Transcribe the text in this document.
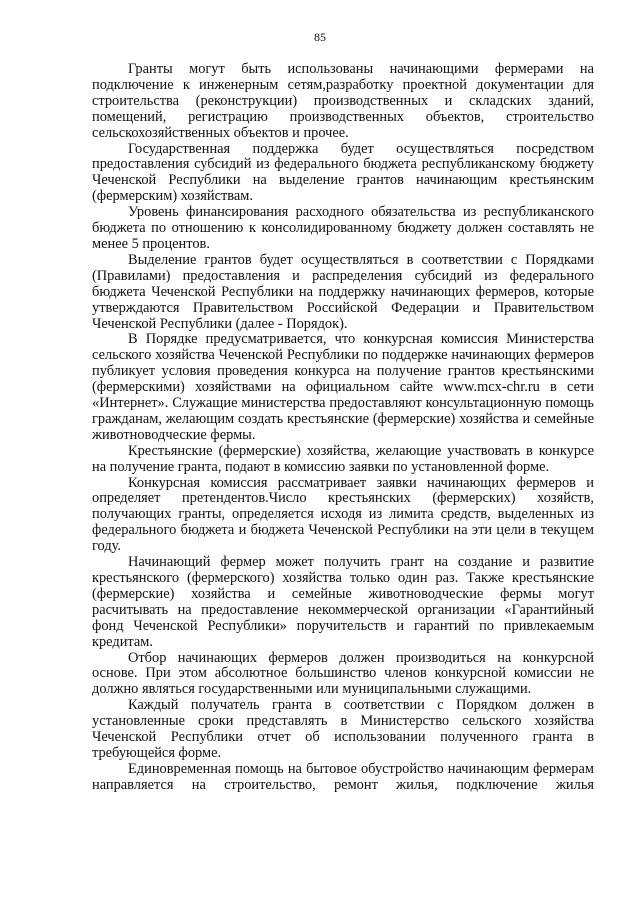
85

Гранты могут быть использованы начинающими фермерами на подключение к инженерным сетям,разработку проектной документации для строительства (реконструкции) производственных и складских зданий, помещений, регистрацию производственных объектов, строительство сельскохозяйственных объектов и прочее.

Государственная поддержка будет осуществляться посредством предоставления субсидий из федерального бюджета республиканскому бюджету Чеченской Республики на выделение грантов начинающим крестьянским (фермерским) хозяйствам.

Уровень финансирования расходного обязательства из республиканского бюджета по отношению к консолидированному бюджету должен составлять не менее 5 процентов.

Выделение грантов будет осуществляться в соответствии с Порядками (Правилами) предоставления и распределения субсидий из федерального бюджета Чеченской Республики на поддержку начинающих фермеров, которые утверждаются Правительством Российской Федерации и Правительством Чеченской Республики (далее - Порядок).

В Порядке предусматривается, что конкурсная комиссия Министерства сельского хозяйства Чеченской Республики по поддержке начинающих фермеров публикует условия проведения конкурса на получение грантов крестьянскими (фермерскими) хозяйствами на официальном сайте www.mcx-chr.ru в сети «Интернет». Служащие министерства предоставляют консультационную помощь гражданам, желающим создать крестьянские (фермерские) хозяйства и семейные животноводческие фермы.

Крестьянские (фермерские) хозяйства, желающие участвовать в конкурсе на получение гранта, подают в комиссию заявки по установленной форме.

Конкурсная комиссия рассматривает заявки начинающих фермеров и определяет претендентов.Число крестьянских (фермерских) хозяйств, получающих гранты, определяется исходя из лимита средств, выделенных из федерального бюджета и бюджета Чеченской Республики на эти цели в текущем году.

Начинающий фермер может получить грант на создание и развитие крестьянского (фермерского) хозяйства только один раз. Также крестьянские (фермерские) хозяйства и семейные животноводческие фермы могут расчитывать на предоставление некоммерческой организации «Гарантийный фонд Чеченской Республики» поручительств и гарантий по привлекаемым кредитам.

Отбор начинающих фермеров должен производиться на конкурсной основе. При этом абсолютное большинство членов конкурсной комиссии не должно являться государственными или муниципальными служащими.

Каждый получатель гранта в соответствии с Порядком должен в установленные сроки представлять в Министерство сельского хозяйства Чеченской Республики отчет об использовании полученного гранта в требующейся форме.

Единовременная помощь на бытовое обустройство начинающим фермерам направляется на строительство, ремонт жилья, подключение жилья
